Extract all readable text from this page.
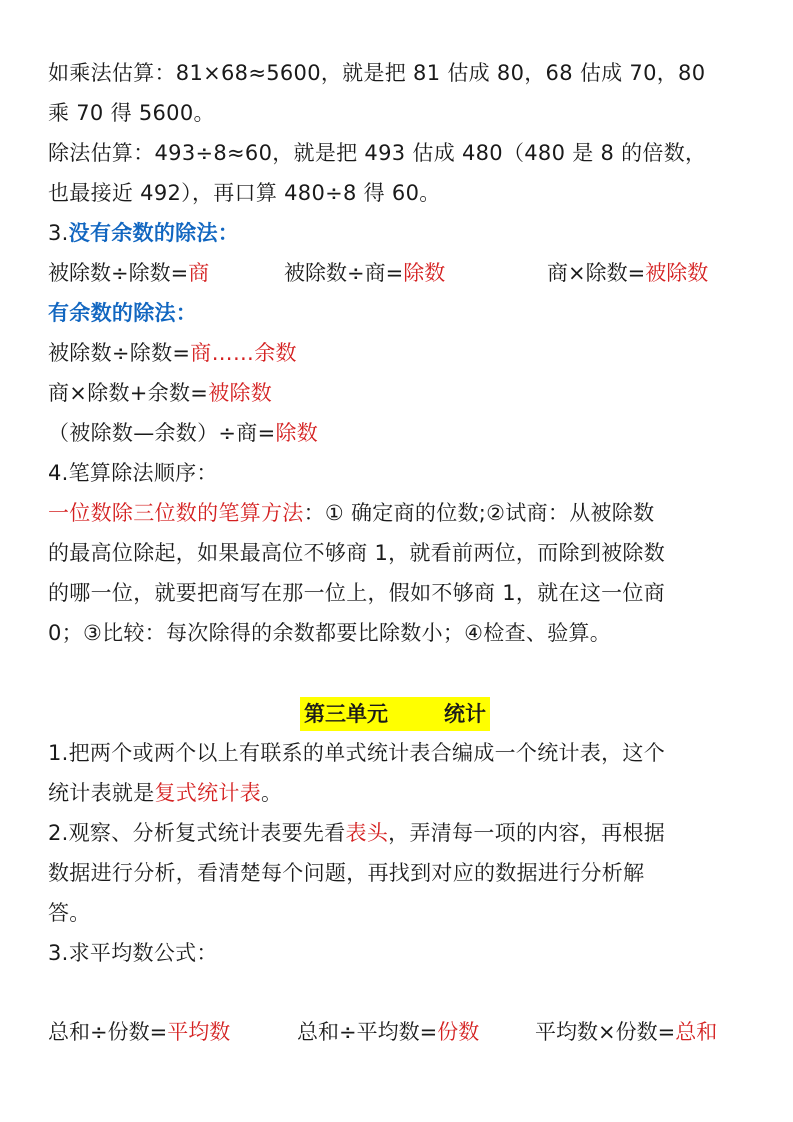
如乘法估算：81×68≈5600，就是把 81 估成 80，68 估成 70，80
乘 70 得 5600。
除法估算：493÷8≈60，就是把 493 估成 480（480 是 8 的倍数，
也最接近 492），再口算 480÷8 得 60。
3.没有余数的除法：
被除数÷除数=商	被除数÷商=除数	商×除数=被除数
有余数的除法：
被除数÷除数=商……余数
商×除数+余数=被除数
（被除数—余数）÷商=除数
4.笔算除法顺序：
一位数除三位数的笔算方法：① 确定商的位数;②试商：从被除数
的最高位除起，如果最高位不够商 1，就看前两位，而除到被除数
的哪一位，就要把商写在那一位上，假如不够商 1，就在这一位商
0；③比较：每次除得的余数都要比除数小；④检查、验算。
第三单元	统计
1.把两个或两个以上有联系的单式统计表合编成一个统计表，这个
统计表就是复式统计表。
2.观察、分析复式统计表要先看表头，弄清每一项的内容，再根据
数据进行分析，看清楚每个问题，再找到对应的数据进行分析解
答。
3.求平均数公式：
总和÷份数=平均数	总和÷平均数=份数	平均数×份数=总和
